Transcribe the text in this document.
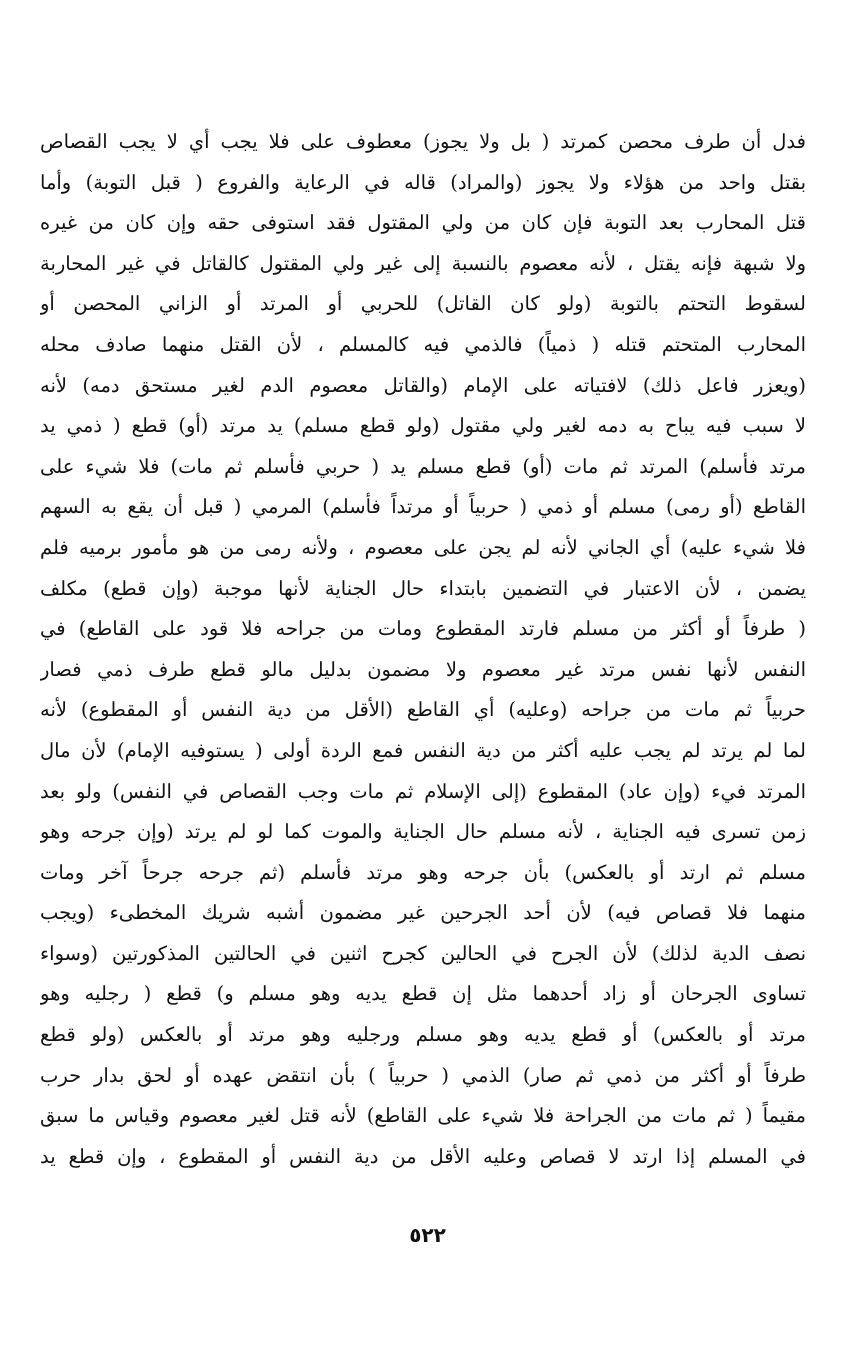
فدل أن طرف محصن كمرتد ( بل ولا يجوز) معطوف على فلا يجب أي لا يجب القصاص
بقتل واحد من هؤلاء ولا يجوز (والمراد) قاله في الرعاية والفروع ( قبل التوبة) وأما
قتل المحارب بعد التوبة فإن كان من ولي المقتول فقد استوفى حقه وإن كان من غيره
ولا شبهة فإنه يقتل ، لأنه معصوم بالنسبة إلى غير ولي المقتول كالقاتل في غير المحاربة
لسقوط التحتم بالتوبة (ولو كان القاتل) للحربي أو المرتد أو الزاني المحصن أو
المحارب المتحتم قتله ( ذمياً) فالذمي فيه كالمسلم ، لأن القتل منهما صادف محله
(ويعزر فاعل ذلك) لافتياته على الإمام (والقاتل معصوم الدم لغير مستحق دمه) لأنه
لا سبب فيه يباح به دمه لغير ولي مقتول (ولو قطع مسلم) يد مرتد (أو) قطع ( ذمي يد
مرتد فأسلم) المرتد ثم مات (أو) قطع مسلم يد ( حربي فأسلم ثم مات) فلا شيء على
القاطع (أو رمى) مسلم أو ذمي ( حربياً أو مرتداً فأسلم) المرمي ( قبل أن يقع به السهم
فلا شيء عليه) أي الجاني لأنه لم يجن على معصوم ، ولأنه رمى من هو مأمور برميه فلم
يضمن ، لأن الاعتبار في التضمين بابتداء حال الجناية لأنها موجبة (وإن قطع) مكلف
( طرفاً أو أكثر من مسلم فارتد المقطوع ومات من جراحه فلا قود على القاطع) في
النفس لأنها نفس مرتد غير معصوم ولا مضمون بدليل مالو قطع طرف ذمي فصار
حربياً ثم مات من جراحه (وعليه) أي القاطع (الأقل من دية النفس أو المقطوع) لأنه
لما لم يرتد لم يجب عليه أكثر من دية النفس فمع الردة أولى ( يستوفيه الإمام) لأن مال
المرتد فيء (وإن عاد) المقطوع (إلى الإسلام ثم مات وجب القصاص في النفس) ولو بعد
زمن تسرى فيه الجناية ، لأنه مسلم حال الجناية والموت كما لو لم يرتد (وإن جرحه وهو
مسلم ثم ارتد أو بالعكس) بأن جرحه وهو مرتد فأسلم (ثم جرحه جرحاً آخر ومات
منهما فلا قصاص فيه) لأن أحد الجرحين غير مضمون أشبه شريك المخطىء (ويجب
نصف الدية لذلك) لأن الجرح في الحالين كجرح اثنين في الحالتين المذكورتين (وسواء
تساوى الجرحان أو زاد أحدهما مثل إن قطع يديه وهو مسلم و) قطع ( رجليه وهو
مرتد أو بالعكس) أو قطع يديه وهو مسلم ورجليه وهو مرتد أو بالعكس (ولو قطع
طرفاً أو أكثر من ذمي ثم صار) الذمي ( حربياً ) بأن انتقض عهده أو لحق بدار حرب
مقيماً ( ثم مات من الجراحة فلا شيء على القاطع) لأنه قتل لغير معصوم وقياس ما سبق
في المسلم إذا ارتد لا قصاص وعليه الأقل من دية النفس أو المقطوع ، وإن قطع يد
٥٢٢
